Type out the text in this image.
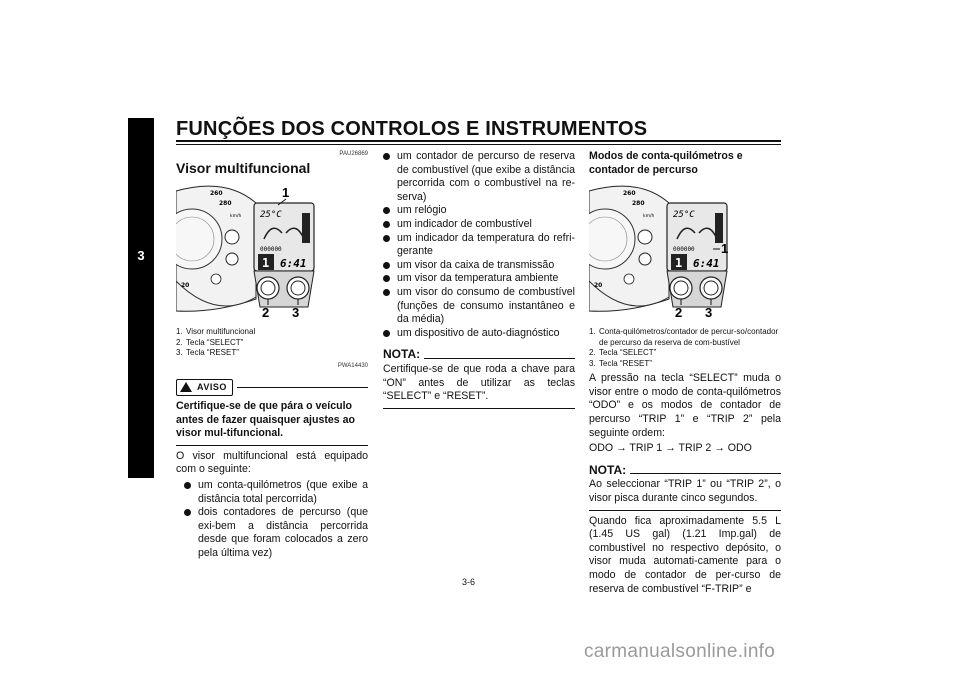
FUNÇÕES DOS CONTROLOS E INSTRUMENTOS
3
PAU26869
Visor multifuncional
260
280
20
km/h 25°C
000000
1 6:41
1
2 3
1. Visor multifuncional
2. Tecla “SELECT”
3. Tecla “RESET”
PWA14430
AVISO
Certifique-se de que pára o veículo antes de fazer quaisquer ajustes ao visor mul-tifuncional.

O visor multifuncional está equipado com o seguinte:

um conta-quilómetros (que exibe a distância total percorrida)
dois contadores de percurso (que exi-bem a distância percorrida desde que foram colocados a zero pela última vez)
um contador de percurso de reserva de combustível (que exibe a distância percorrida com o combustível na re-serva)
um relógio
um indicador de combustível
um indicador da temperatura do refri-gerante
um visor da caixa de transmissão
um visor da temperatura ambiente
um visor do consumo de combustível (funções de consumo instantâneo e da média)
um dispositivo de auto-diagnóstico
NOTA:
Certifique-se de que roda a chave para “ON” antes de utilizar as teclas “SELECT” e “RESET”.
Modos de conta-quilómetros e contador de percurso
260
280
20
km/h 25°C
000000
1 6:41
1
2 3
1. Conta-quilómetros/contador de percur-so/contador de percurso da reserva de com-bustível
2. Tecla “SELECT”
3. Tecla “RESET”

A pressão na tecla “SELECT” muda o visor entre o modo de conta-quilómetros “ODO” e os modos de contador de percurso “TRIP 1” e “TRIP 2” pela seguinte ordem:

ODO → TRIP 1 → TRIP 2 → ODO

NOTA:
Ao seleccionar “TRIP 1” ou “TRIP 2”, o visor pisca durante cinco segundos.

Quando fica aproximadamente 5.5 L (1.45 US gal) (1.21 Imp.gal) de combustível no respectivo depósito, o visor muda automati-camente para o modo de contador de per-curso de reserva de combustível “F-TRIP” e

3-6
carmanualsonline.info
